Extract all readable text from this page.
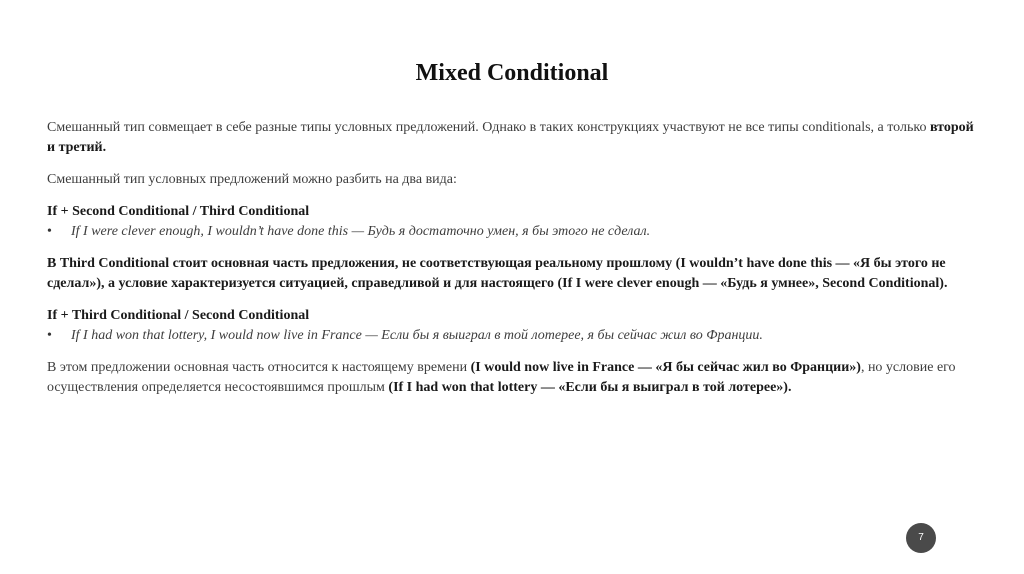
Mixed Conditional

Смешанный тип совмещает в себе разные типы условных предложений. Однако в таких конструкциях участвуют не все типы conditionals, а только второй и третий.

Смешанный тип условных предложений можно разбить на два вида:

If + Second Conditional / Third Conditional

•	If I were clever enough, I wouldn’t have done this — Будь я достаточно умен, я бы этого не сделал.

В Third Conditional стоит основная часть предложения, не соответствующая реальному прошлому (I wouldn’t have done this — «Я бы этого не сделал»), а условие характеризуется ситуацией, справедливой и для настоящего (If I were clever enough — «Будь я умнее», Second Conditional).

If + Third Conditional / Second Conditional

•	If I had won that lottery, I would now live in France — Если бы я выиграл в той лотерее, я бы сейчас жил во Франции.

В этом предложении основная часть относится к настоящему времени (I would now live in France — «Я бы сейчас жил во Франции»), но условие его осуществления определяется несостоявшимся прошлым (If I had won that lottery — «Если бы я выиграл в той лотерее»).

7
